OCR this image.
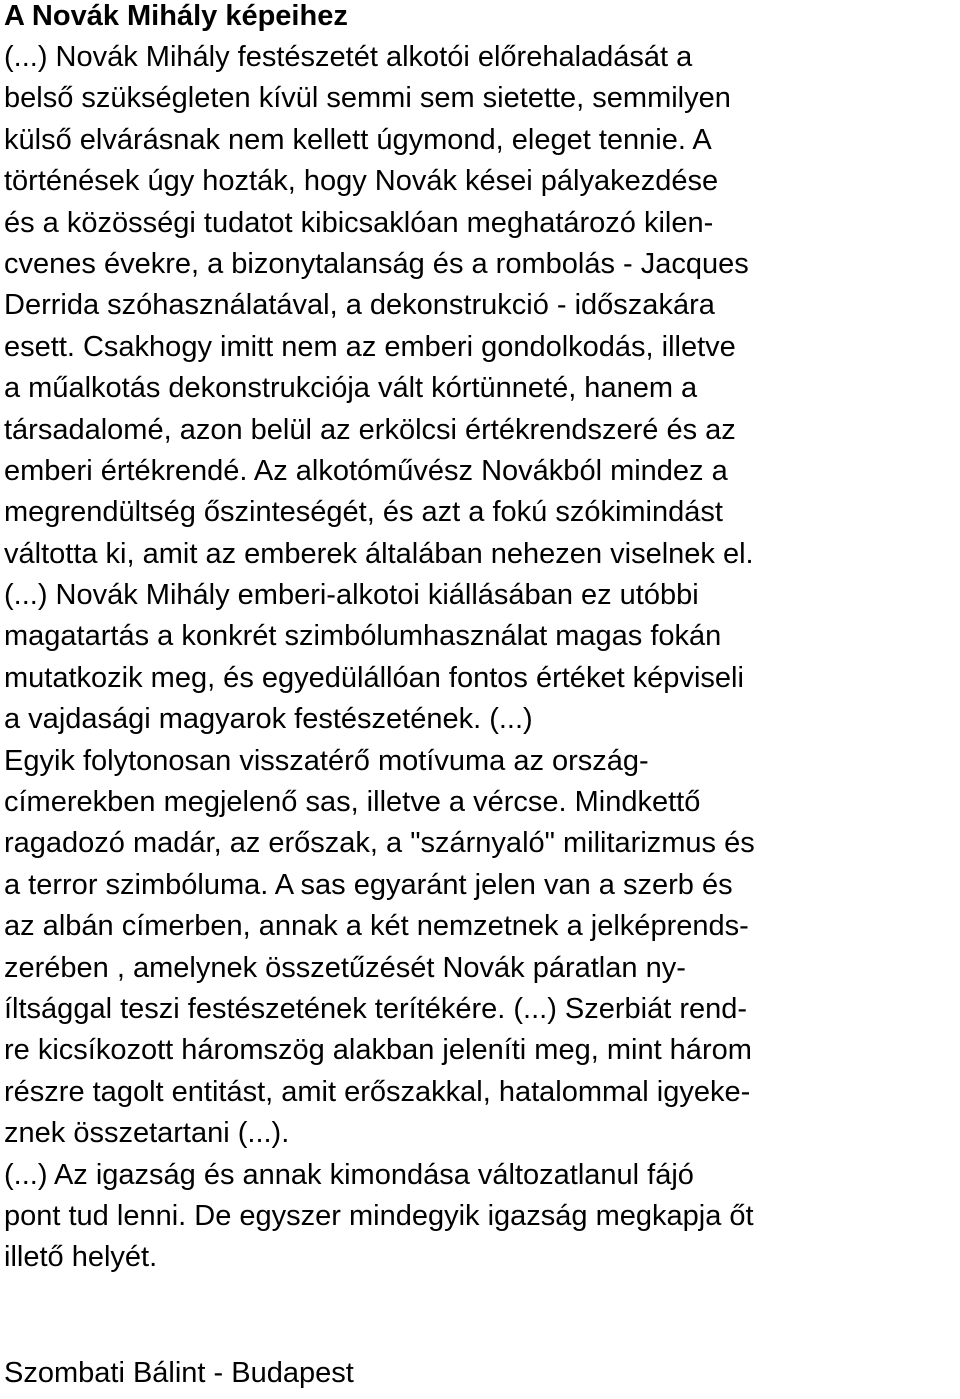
A Novák Mihály képeihez
(...) Novák Mihály festészetét alkotói előrehaladását a
belső szükségleten kívül semmi sem sietette, semmilyen
külső elvárásnak nem kellett úgymond, eleget tennie. A
történések úgy hozták, hogy Novák kései pályakezdése
és a közösségi tudatot kibicsaklóan meghatározó kilen-
cvenes évekre, a bizonytalanság és a rombolás - Jacques
Derrida szóhasználatával, a dekonstrukció - időszakára
esett. Csakhogy imitt nem az emberi gondolkodás, illetve
a műalkotás dekonstrukciója vált kórtünneté, hanem a
társadalomé, azon belül az erkölcsi értékrendszeré és az
emberi értékrendé. Az alkotóművész Novákból mindez a
megrendültség őszinteségét, és azt a fokú szókimindást
váltotta ki, amit az emberek általában nehezen viselnek el.
(...) Novák Mihály emberi-alkotoi kiállásában ez utóbbi
magatartás a konkrét szimbólumhasználat magas fokán
mutatkozik meg, és egyedülállóan fontos értéket képviseli
a vajdasági magyarok festészetének. (...)
Egyik folytonosan visszatérő motívuma az ország-
címerekben megjelenő sas, illetve a vércse. Mindkettő
ragadozó madár, az erőszak, a "szárnyaló" militarizmus és
a terror szimbóluma. A sas egyaránt jelen van a szerb és
az albán címerben, annak a két nemzetnek a jelképrends-
zerében , amelynek összetűzését Novák páratlan ny-
íltsággal teszi festészetének terítékére. (...) Szerbiát rend-
re kicsíkozott háromszög alakban jeleníti meg, mint három
részre tagolt entitást, amit erőszakkal, hatalommal igyeke-
znek összetartani (...).
(...) Az igazság és annak kimondása változatlanul fájó
pont tud lenni. De egyszer mindegyik igazság megkapja őt
illető helyét.
Szombati Bálint - Budapest
